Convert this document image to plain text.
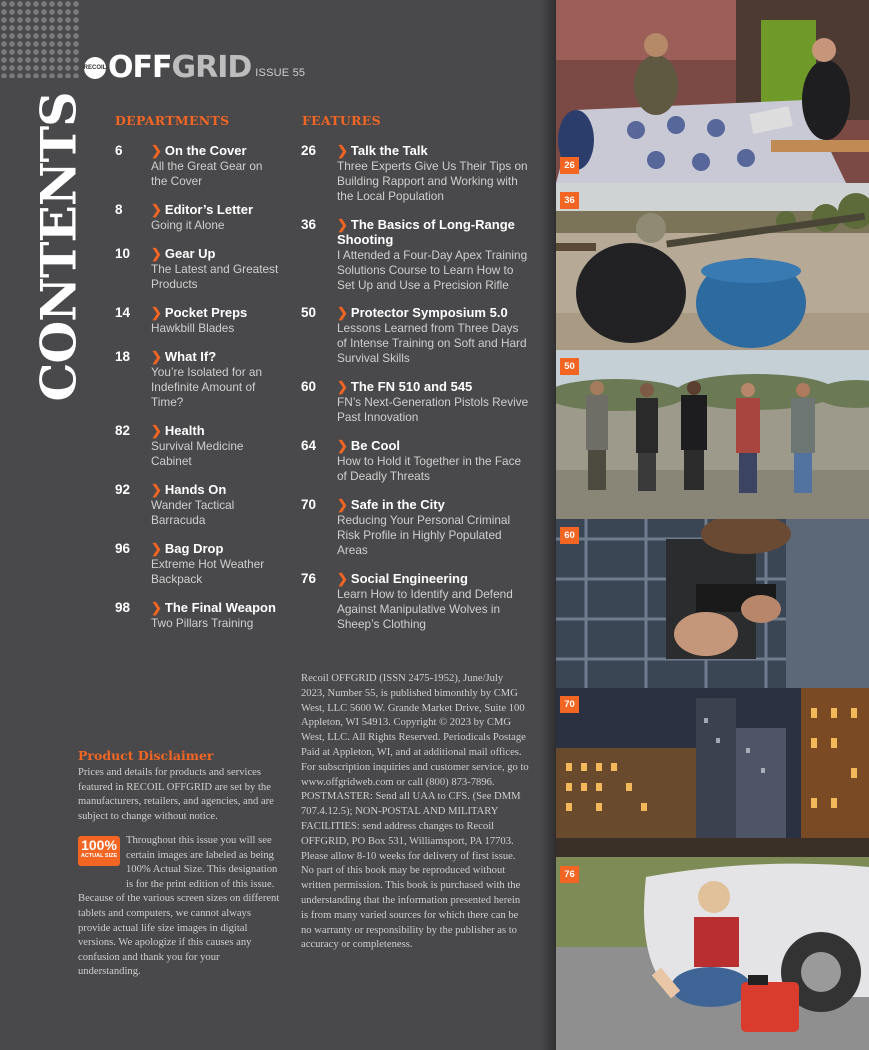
RECOIL OFFGRID ISSUE 55
CONTENTS DEPARTMENTS
6 ❯ On the Cover
All the Great Gear on
the Cover
8 ❯ Editor’s Letter
Going it Alone
10 ❯ Gear Up
The Latest and Greatest
Products
14 ❯ Pocket Preps
Hawkbill Blades
18 ❯ What If?
You’re Isolated for an
Indefinite Amount of
Time?
82 ❯ Health
Survival Medicine
Cabinet
92 ❯ Hands On
Wander Tactical
Barracuda
96 ❯ Bag Drop
Extreme Hot Weather
Backpack
98 ❯ The Final Weapon
Two Pillars Training
FEATURES
26 ❯ Talk the Talk
Three Experts Give Us Their Tips on
Building Rapport and Working with
the Local Population
36 ❯ The Basics of Long-Range
Shooting
I Attended a Four-Day Apex Training
Solutions Course to Learn How to
Set Up and Use a Precision Rifle
50 ❯ Protector Symposium 5.0
Lessons Learned from Three Days
of Intense Training on Soft and Hard
Survival Skills
60 ❯ The FN 510 and 545
FN’s Next-Generation Pistols Revive
Past Innovation
64 ❯ Be Cool
How to Hold it Together in the Face
of Deadly Threats
70 ❯ Safe in the City
Reducing Your Personal Criminal
Risk Profile in Highly Populated
Areas
76 ❯ Social Engineering
Learn How to Identify and Defend
Against Manipulative Wolves in
Sheep’s Clothing
Product Disclaimer
Prices and details for products and services featured in RECOIL OFFGRID are set by the manufacturers, retailers, and agencies, and are subject to change without notice.
Throughout this issue you will see certain images are labeled as being 100% Actual Size. This designation is for the print edition of this issue. Because of the various screen sizes on different tablets and computers, we cannot always provide actual life size images in digital versions. We apologize if this causes any confusion and thank you for your understanding.
100%
ACTUAL SIZE
Recoil OFFGRID (ISSN 2475-1952), June/July 2023, Number 55, is published bimonthly by CMG West, LLC 5600 W. Grande Market Drive, Suite 100 Appleton, WI 54913. Copyright © 2023 by CMG West, LLC. All Rights Reserved. Periodicals Postage Paid at Appleton, WI, and at additional mail offices. For subscription inquiries and customer service, go to www.offgridweb.com or call (800) 873-7896. POSTMASTER: Send all UAA to CFS. (See DMM 707.4.12.5); NON-POSTAL AND MILITARY FACILITIES: send address changes to Recoil OFFGRID, PO Box 531, Williamsport, PA 17703. Please allow 8-10 weeks for delivery of first issue. No part of this book may be reproduced without written permission. This book is purchased with the understanding that the information presented herein is from many varied sources for which there can be no warranty or responsibility by the publisher as to accuracy or completeness.
26
36
50
60
70
76
